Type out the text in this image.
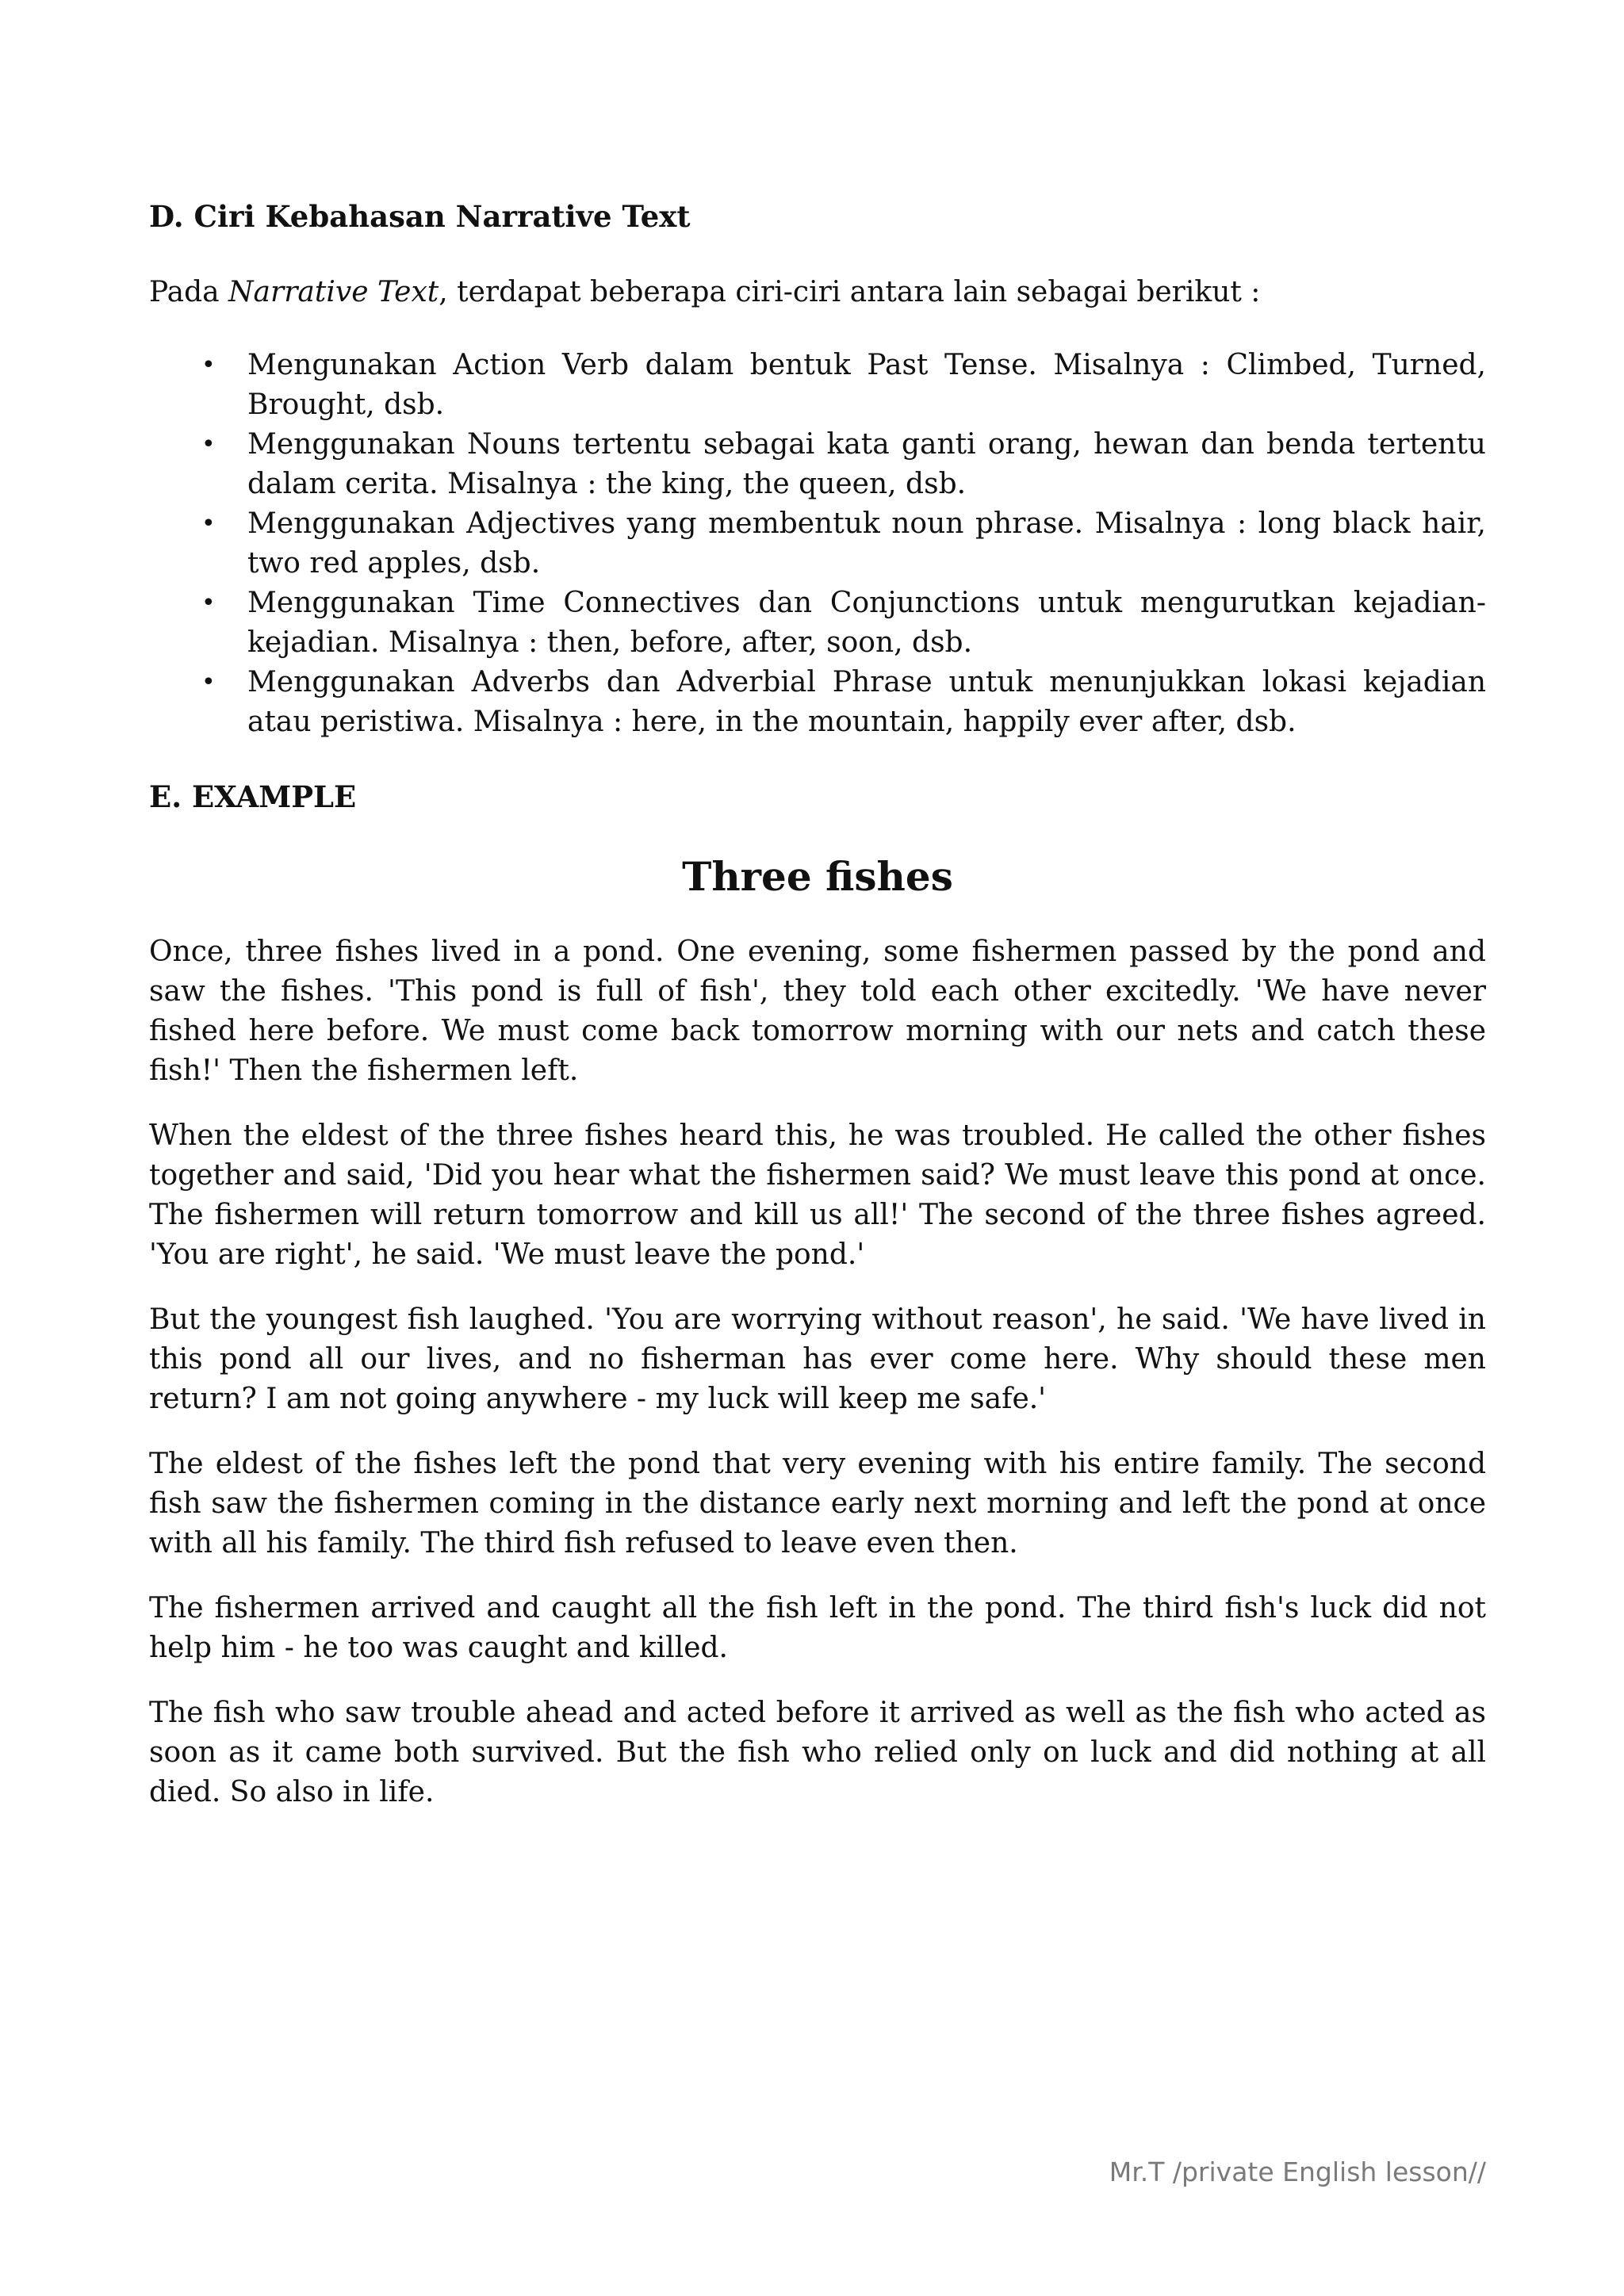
D. Ciri Kebahasan Narrative Text

Pada Narrative Text, terdapat beberapa ciri-ciri antara lain sebagai berikut :

• Mengunakan Action Verb dalam bentuk Past Tense. Misalnya : Climbed, Turned, Brought, dsb.
• Menggunakan Nouns tertentu sebagai kata ganti orang, hewan dan benda tertentu dalam cerita. Misalnya : the king, the queen, dsb.
• Menggunakan Adjectives yang membentuk noun phrase. Misalnya : long black hair, two red apples, dsb.
• Menggunakan Time Connectives dan Conjunctions untuk mengurutkan kejadian-kejadian. Misalnya : then, before, after, soon, dsb.
• Menggunakan Adverbs dan Adverbial Phrase untuk menunjukkan lokasi kejadian atau peristiwa. Misalnya : here, in the mountain, happily ever after, dsb.

E. EXAMPLE

Three fishes

Once, three fishes lived in a pond. One evening, some fishermen passed by the pond and saw the fishes. 'This pond is full of fish', they told each other excitedly. 'We have never fished here before. We must come back tomorrow morning with our nets and catch these fish!' Then the fishermen left.

When the eldest of the three fishes heard this, he was troubled. He called the other fishes together and said, 'Did you hear what the fishermen said? We must leave this pond at once. The fishermen will return tomorrow and kill us all!' The second of the three fishes agreed. 'You are right', he said. 'We must leave the pond.'

But the youngest fish laughed. 'You are worrying without reason', he said. 'We have lived in this pond all our lives, and no fisherman has ever come here. Why should these men return? I am not going anywhere - my luck will keep me safe.'

The eldest of the fishes left the pond that very evening with his entire family. The second fish saw the fishermen coming in the distance early next morning and left the pond at once with all his family. The third fish refused to leave even then.

The fishermen arrived and caught all the fish left in the pond. The third fish's luck did not help him - he too was caught and killed.

The fish who saw trouble ahead and acted before it arrived as well as the fish who acted as soon as it came both survived. But the fish who relied only on luck and did nothing at all died. So also in life.

Mr.T /private English lesson//
